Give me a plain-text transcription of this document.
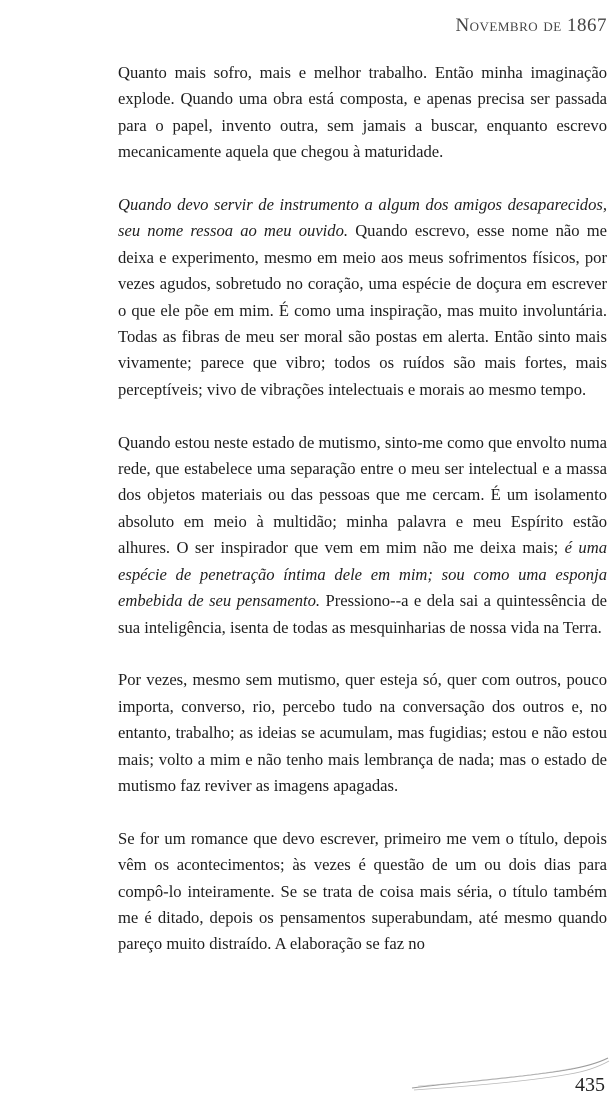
Novembro de 1867

Quanto mais sofro, mais e melhor trabalho. Então minha imaginação explode. Quando uma obra está composta, e apenas precisa ser passada para o papel, invento outra, sem jamais a buscar, enquanto escrevo mecanicamente aquela que chegou à maturidade.

Quando devo servir de instrumento a algum dos amigos desaparecidos, seu nome ressoa ao meu ouvido. Quando escrevo, esse nome não me deixa e experimento, mesmo em meio aos meus sofrimentos físicos, por vezes agudos, sobretudo no coração, uma espécie de doçura em escrever o que ele põe em mim. É como uma inspiração, mas muito involuntária. Todas as fibras de meu ser moral são postas em alerta. Então sinto mais vivamente; parece que vibro; todos os ruídos são mais fortes, mais perceptíveis; vivo de vibrações intelectuais e morais ao mesmo tempo.

Quando estou neste estado de mutismo, sinto-me como que envolto numa rede, que estabelece uma separação entre o meu ser intelectual e a massa dos objetos materiais ou das pessoas que me cercam. É um isolamento absoluto em meio à multidão; minha palavra e meu Espírito estão alhures. O ser inspirador que vem em mim não me deixa mais; é uma espécie de penetração íntima dele em mim; sou como uma esponja embebida de seu pensamento. Pressiono-​-a e dela sai a quintessência de sua inteligência, isenta de todas as mesquinharias de nossa vida na Terra.

Por vezes, mesmo sem mutismo, quer esteja só, quer com outros, pouco importa, converso, rio, percebo tudo na conversação dos outros e, no entanto, trabalho; as ideias se acumulam, mas fugidias; estou e não estou mais; volto a mim e não tenho mais lembrança de nada; mas o estado de mutismo faz reviver as imagens apagadas.

Se for um romance que devo escrever, primeiro me vem o título, depois vêm os acontecimentos; às vezes é questão de um ou dois dias para compô-lo inteiramente. Se se trata de coisa mais séria, o título também me é ditado, depois os pensamentos superabundam, até mesmo quando pareço muito distraído. A elaboração se faz no

435
